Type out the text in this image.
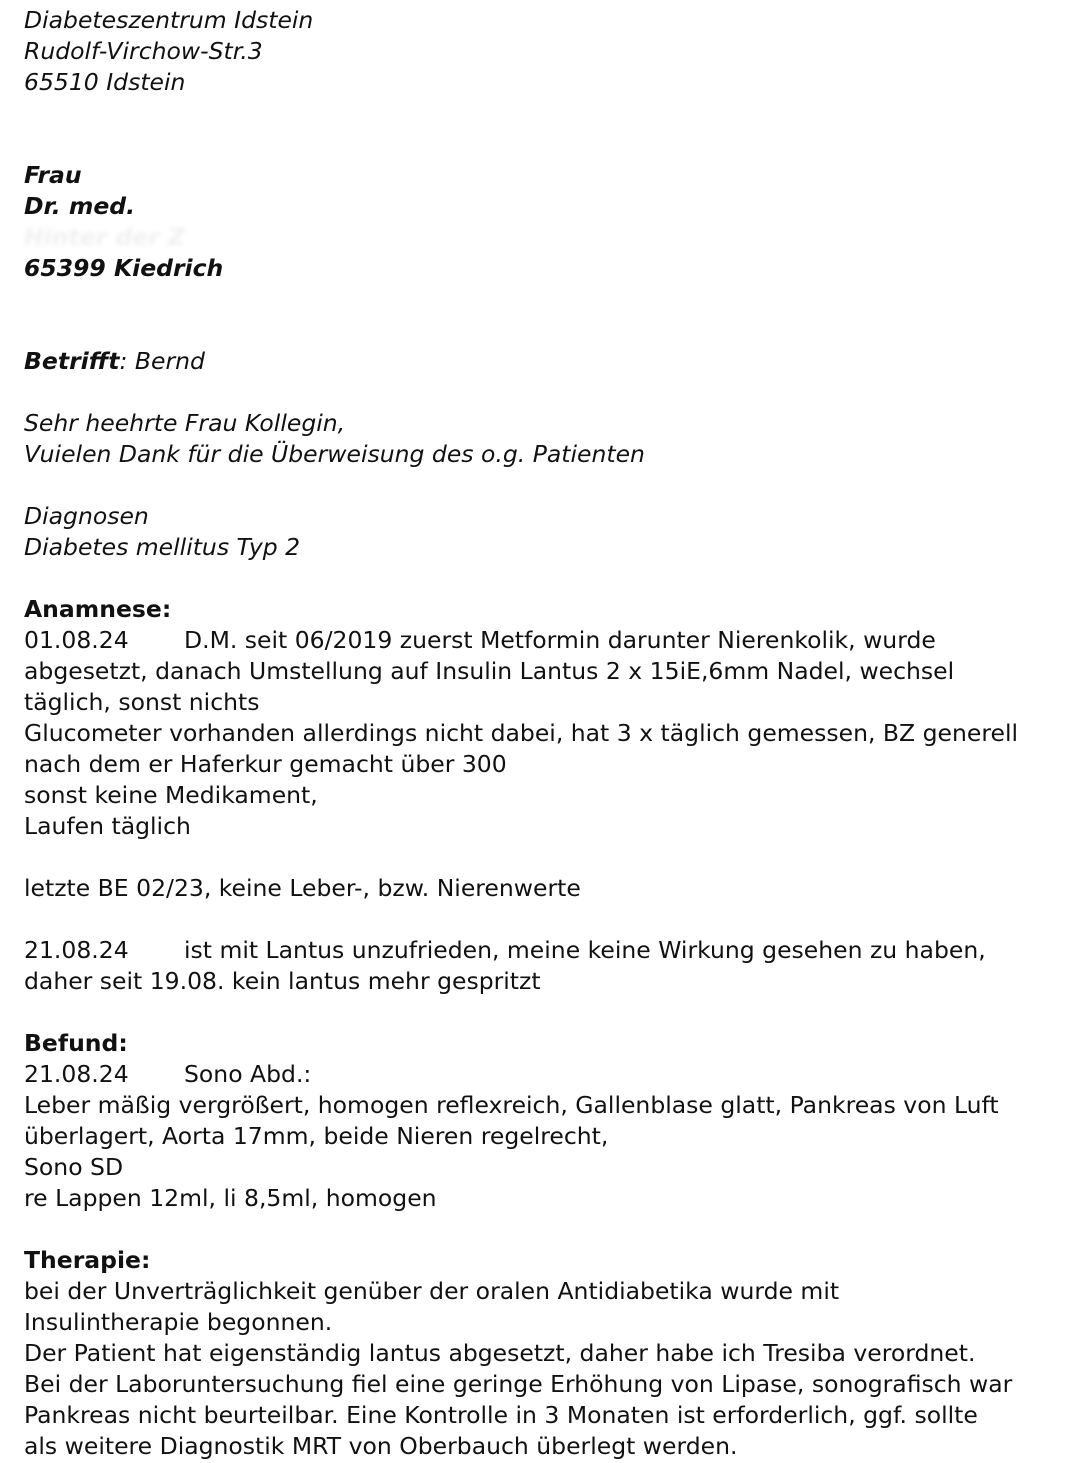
Diabeteszentrum Idstein
Rudolf-Virchow-Str.3
65510 Idstein
Frau
Dr. med.
Hinter der Z
65399 Kiedrich
Betrifft: Bernd
Sehr heehrte Frau Kollegin,
Vuielen Dank für die Überweisung des o.g. Patienten
Diagnosen
Diabetes mellitus Typ 2
Anamnese:
01.08.24 D.M. seit 06/2019 zuerst Metformin darunter Nierenkolik, wurde
abgesetzt, danach Umstellung auf Insulin Lantus 2 x 15iE,6mm Nadel, wechsel
täglich, sonst nichts
Glucometer vorhanden allerdings nicht dabei, hat 3 x täglich gemessen, BZ generell
nach dem er Haferkur gemacht über 300
sonst keine Medikament,
Laufen täglich
letzte BE 02/23, keine Leber-, bzw. Nierenwerte
21.08.24 ist mit Lantus unzufrieden, meine keine Wirkung gesehen zu haben,
daher seit 19.08. kein lantus mehr gespritzt
Befund:
21.08.24 Sono Abd.:
Leber mäßig vergrößert, homogen reflexreich, Gallenblase glatt, Pankreas von Luft
überlagert, Aorta 17mm, beide Nieren regelrecht,
Sono SD
re Lappen 12ml, li 8,5ml, homogen
Therapie:
bei der Unverträglichkeit genüber der oralen Antidiabetika wurde mit
Insulintherapie begonnen.
Der Patient hat eigenständig lantus abgesetzt, daher habe ich Tresiba verordnet.
Bei der Laboruntersuchung fiel eine geringe Erhöhung von Lipase, sonografisch war
Pankreas nicht beurteilbar. Eine Kontrolle in 3 Monaten ist erforderlich, ggf. sollte
als weitere Diagnostik MRT von Oberbauch überlegt werden.
